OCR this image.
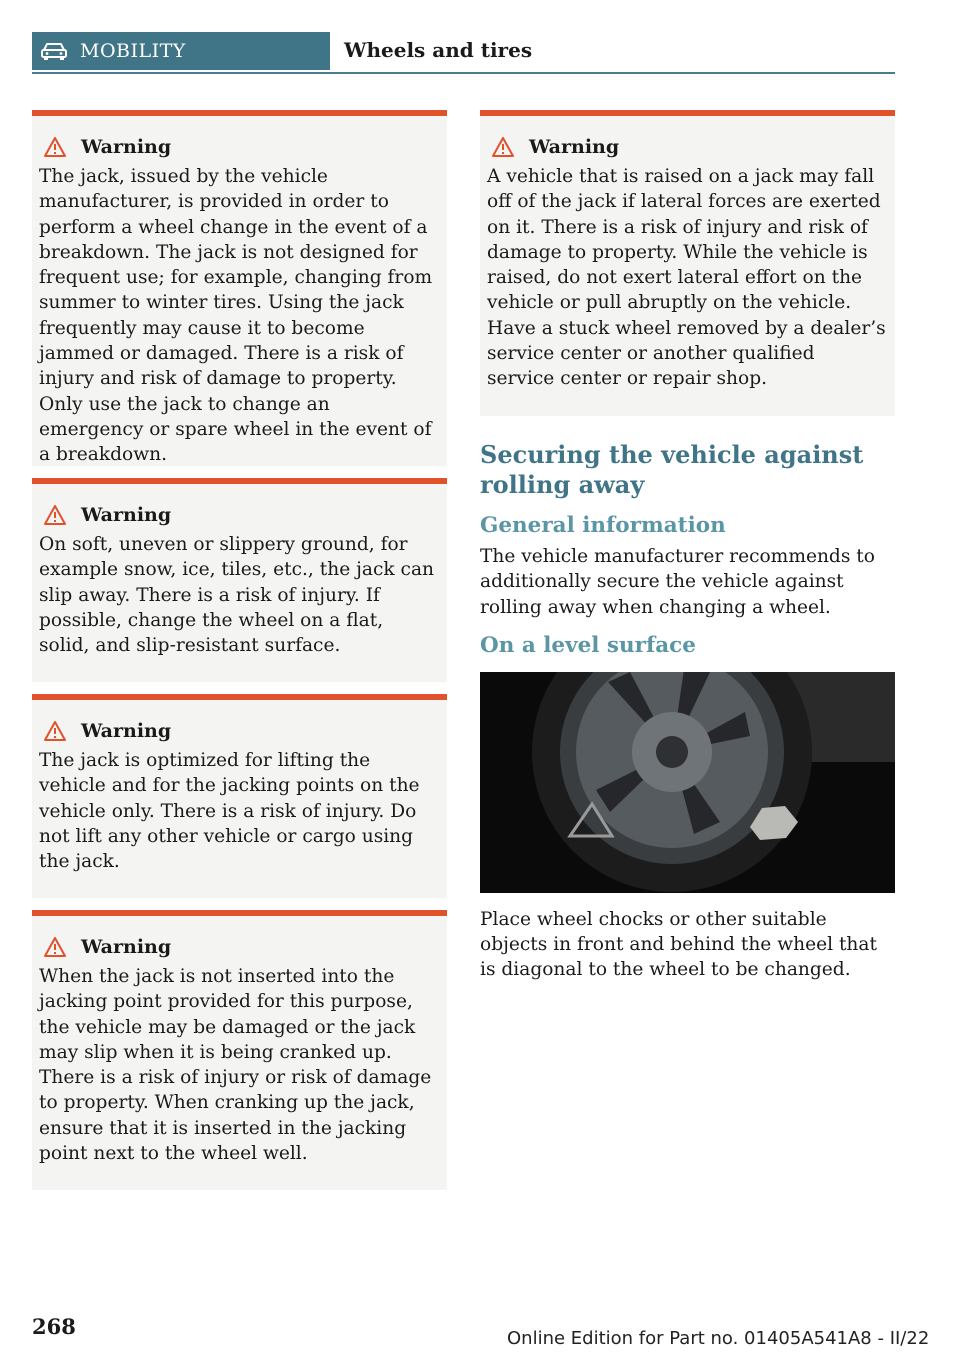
MOBILITY	Wheels and tires
Warning
The jack, issued by the vehicle manufacturer, is provided in order to perform a wheel change in the event of a breakdown. The jack is not designed for frequent use; for example, changing from summer to winter tires. Using the jack frequently may cause it to become jammed or damaged. There is a risk of injury and risk of damage to property. Only use the jack to change an emergency or spare wheel in the event of a breakdown.
Warning
On soft, uneven or slippery ground, for example snow, ice, tiles, etc., the jack can slip away. There is a risk of injury. If possible, change the wheel on a flat, solid, and slip-resistant surface.
Warning
The jack is optimized for lifting the vehicle and for the jacking points on the vehicle only. There is a risk of injury. Do not lift any other vehicle or cargo using the jack.
Warning
When the jack is not inserted into the jacking point provided for this purpose, the vehicle may be damaged or the jack may slip when it is being cranked up. There is a risk of injury or risk of damage to property. When cranking up the jack, ensure that it is inserted in the jacking point next to the wheel well.
Warning
A vehicle that is raised on a jack may fall off of the jack if lateral forces are exerted on it. There is a risk of injury and risk of damage to property. While the vehicle is raised, do not exert lateral effort on the vehicle or pull abruptly on the vehicle. Have a stuck wheel removed by a dealer’s service center or another qualified service center or repair shop.
Securing the vehicle against rolling away
General information

The vehicle manufacturer recommends to additionally secure the vehicle against rolling away when changing a wheel.

On a level surface

Place wheel chocks or other suitable objects in front and behind the wheel that is diagonal to the wheel to be changed.

268	Online Edition for Part no. 01405A541A8 - II/22
